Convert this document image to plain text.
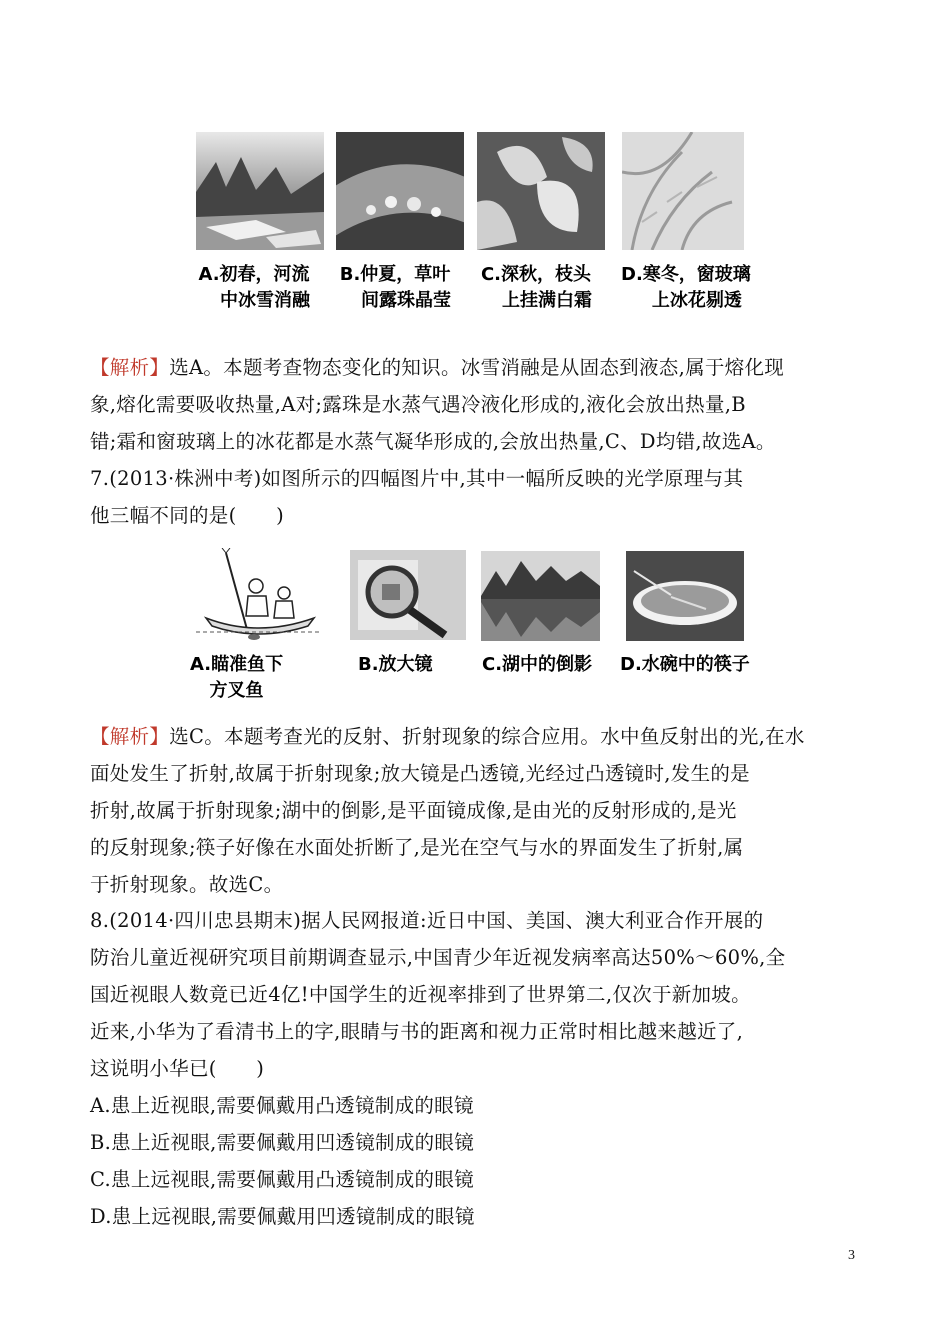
A.初春，河流
中冰雪消融
B.仲夏，草叶
间露珠晶莹
C.深秋，枝头
上挂满白霜
D.寒冬，窗玻璃
上冰花剔透
【解析】选A。本题考查物态变化的知识。冰雪消融是从固态到液态,属于熔化现
象,熔化需要吸收热量,A对;露珠是水蒸气遇冷液化形成的,液化会放出热量,B
错;霜和窗玻璃上的冰花都是水蒸气凝华形成的,会放出热量,C、D均错,故选A。
7.(2013·株洲中考)如图所示的四幅图片中,其中一幅所反映的光学原理与其
他三幅不同的是(　　)
A.瞄准鱼下
方叉鱼
B.放大镜	C.湖中的倒影 D.水碗中的筷子
【解析】选C。本题考查光的反射、折射现象的综合应用。水中鱼反射出的光,在水
面处发生了折射,故属于折射现象;放大镜是凸透镜,光经过凸透镜时,发生的是
折射,故属于折射现象;湖中的倒影,是平面镜成像,是由光的反射形成的,是光
的反射现象;筷子好像在水面处折断了,是光在空气与水的界面发生了折射,属
于折射现象。故选C。
8.(2014·四川忠县期末)据人民网报道:近日中国、美国、澳大利亚合作开展的
防治儿童近视研究项目前期调查显示,中国青少年近视发病率高达50%～60%,全
国近视眼人数竟已近4亿!中国学生的近视率排到了世界第二,仅次于新加坡。
近来,小华为了看清书上的字,眼睛与书的距离和视力正常时相比越来越近了,
这说明小华已(　　)
A.患上近视眼,需要佩戴用凸透镜制成的眼镜
B.患上近视眼,需要佩戴用凹透镜制成的眼镜
C.患上远视眼,需要佩戴用凸透镜制成的眼镜
D.患上远视眼,需要佩戴用凹透镜制成的眼镜
3
